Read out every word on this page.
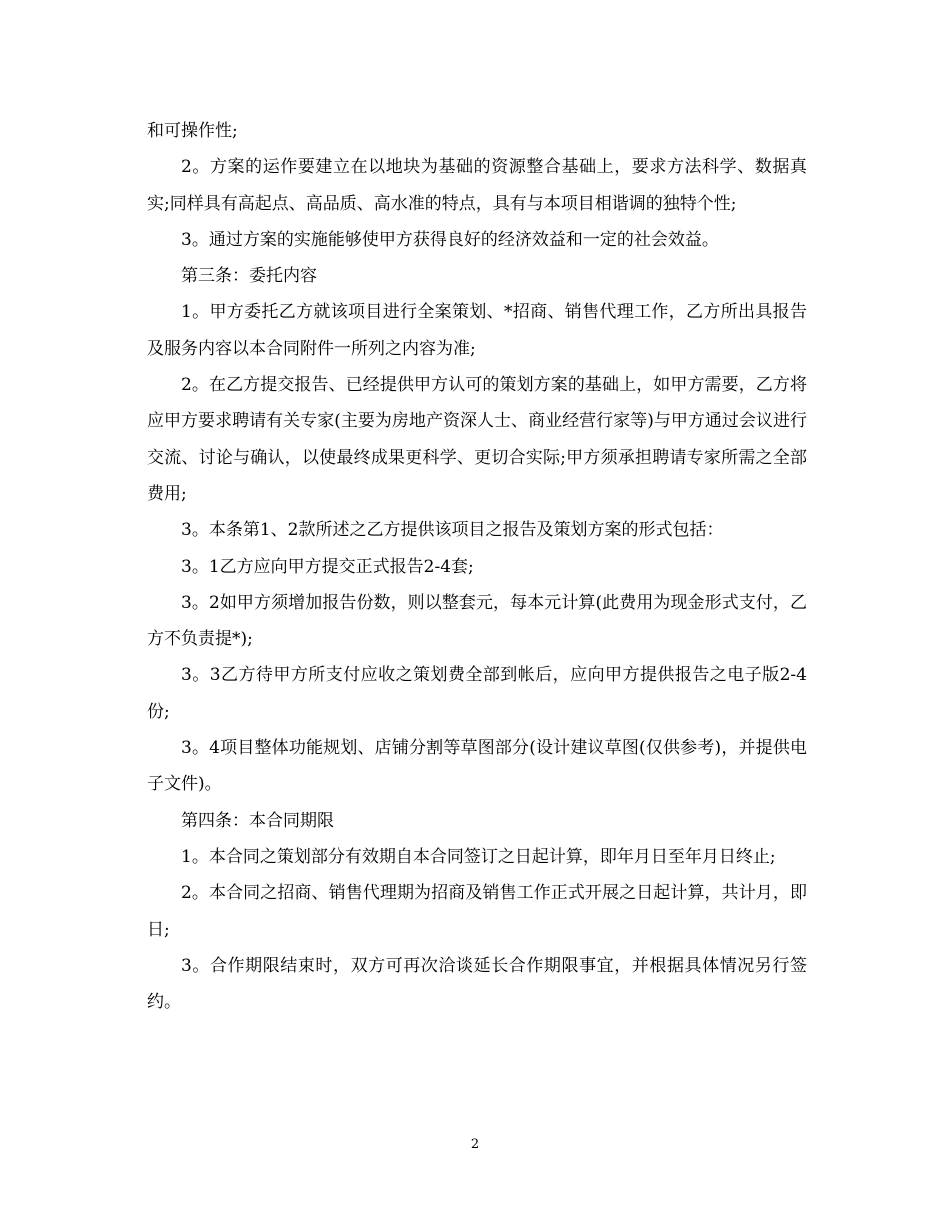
和可操作性;

2。方案的运作要建立在以地块为基础的资源整合基础上，要求方法科学、数据真实;同样具有高起点、高品质、高水准的特点，具有与本项目相谐调的独特个性;

3。通过方案的实施能够使甲方获得良好的经济效益和一定的社会效益。

第三条：委托内容

1。甲方委托乙方就该项目进行全案策划、*招商、销售代理工作，乙方所出具报告及服务内容以本合同附件一所列之内容为准;

2。在乙方提交报告、已经提供甲方认可的策划方案的基础上，如甲方需要，乙方将应甲方要求聘请有关专家(主要为房地产资深人士、商业经营行家等)与甲方通过会议进行交流、讨论与确认，以使最终成果更科学、更切合实际;甲方须承担聘请专家所需之全部费用;

3。本条第1、2款所述之乙方提供该项目之报告及策划方案的形式包括：

3。1乙方应向甲方提交正式报告2-4套;

3。2如甲方须增加报告份数，则以整套元，每本元计算(此费用为现金形式支付，乙方不负责提*);

3。3乙方待甲方所支付应收之策划费全部到帐后，应向甲方提供报告之电子版2-4份;

3。4项目整体功能规划、店铺分割等草图部分(设计建议草图(仅供参考)，并提供电子文件)。

第四条：本合同期限

1。本合同之策划部分有效期自本合同签订之日起计算，即年月日至年月日终止;

2。本合同之招商、销售代理期为招商及销售工作正式开展之日起计算，共计月，即日;

3。合作期限结束时，双方可再次洽谈延长合作期限事宜，并根据具体情况另行签约。

2
